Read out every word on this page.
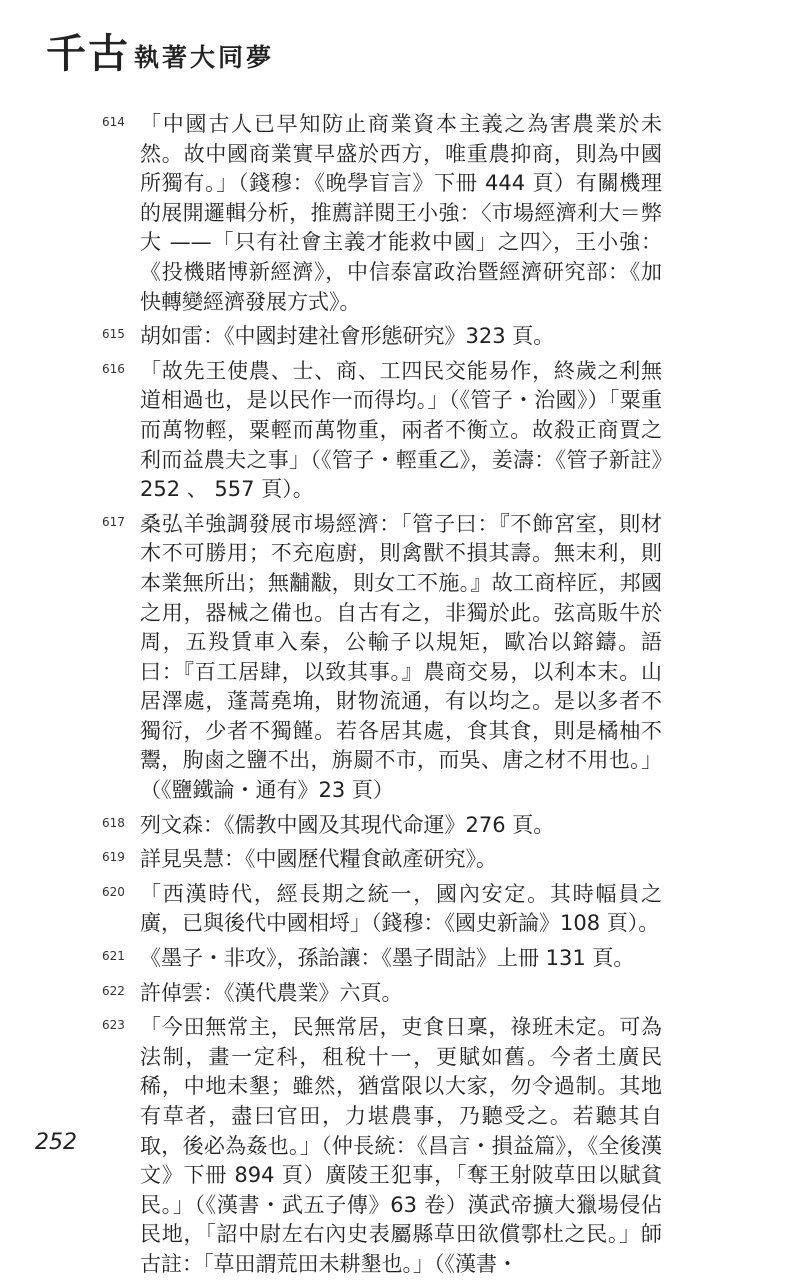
千古 執著大同夢
614 「中國古人已早知防止商業資本主義之為害農業於未然。故中國商業實早盛於西方，唯重農抑商，則為中國所獨有。」（錢穆：《晚學盲言》下冊 444 頁）有關機理的展開邏輯分析，推薦詳閱王小強：〈市場經濟利大＝弊大 ——「只有社會主義才能救中國」之四〉，王小強：《投機賭博新經濟》，中信泰富政治暨經濟研究部：《加快轉變經濟發展方式》。
615 胡如雷：《中國封建社會形態研究》323 頁。
616 「故先王使農、士、商、工四民交能易作，終歲之利無道相過也，是以民作一而得均。」（《管子・治國》）「粟重而萬物輕，粟輕而萬物重，兩者不衡立。故殺正商賈之利而益農夫之事」（《管子・輕重乙》，姜濤：《管子新註》252 、 557 頁）。
617 桑弘羊強調發展市場經濟：「管子曰：『不飾宮室，則材木不可勝用；不充庖廚，則禽獸不損其壽。無末利，則本業無所出；無黼黻，則女工不施。』故工商梓匠，邦國之用，器械之備也。自古有之，非獨於此。弦高販牛於周，五羖賃車入秦，公輸子以規矩，歐冶以鎔鑄。語曰：『百工居肆，以致其事。』農商交易，以利本末。山居澤處，蓬蒿堯埆，財物流通，有以均之。是以多者不獨衍，少者不獨饉。若各居其處，食其食，則是橘柚不鬻，朐鹵之鹽不出，旃罽不市，而吳、唐之材不用也。」（《鹽鐵論・通有》23 頁）
618 列文森：《儒教中國及其現代命運》276 頁。
619 詳見吳慧：《中國歷代糧食畝產研究》。
620 「西漢時代，經長期之統一，國內安定。其時幅員之廣，已與後代中國相埒」（錢穆：《國史新論》108 頁）。
621 《墨子・非攻》，孫詒讓：《墨子間詁》上冊 131 頁。
622 許倬雲：《漢代農業》六頁。
623 「今田無常主，民無常居，吏食日稟，祿班未定。可為法制，畫一定科，租稅十一，更賦如舊。今者土廣民稀，中地未墾；雖然，猶當限以大家，勿令過制。其地有草者，盡曰官田，力堪農事，乃聽受之。若聽其自取，後必為姦也。」（仲長統：《昌言・損益篇》，《全後漢文》下冊 894 頁）廣陵王犯事，「奪王射陂草田以賦貧民。」（《漢書・武五子傳》63 卷）漢武帝擴大獵場侵佔民地，「詔中尉左右內史表屬縣草田欲償鄠杜之民。」師古註：「草田謂荒田未耕墾也。」（《漢書・
252
